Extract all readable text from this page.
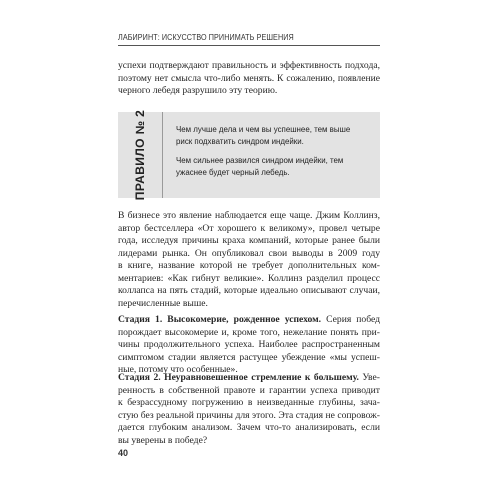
ЛАБИРИНТ: ИСКУССТВО ПРИНИМАТЬ РЕШЕНИЯ
успехи подтверждают правильность и эффективность подхода,
поэтому нет смысла что-либо менять. К сожалению, появление
черного лебедя разрушило эту теорию.
ПРАВИЛО № 2	Чем лучше дела и чем вы успешнее, тем выше
риск подхватить синдром индейки.
Чем сильнее развился синдром индейки, тем
ужаснее будет черный лебедь.
В бизнесе это явление наблюдается еще чаще. Джим Коллинз,
автор бестселлера «От хорошего к великому», провел четыре
года, исследуя причины краха компаний, которые ранее были
лидерами рынка. Он опубликовал свои выводы в 2009 году
в книге, название которой не требует дополнительных ком-
ментариев: «Как гибнут великие». Коллинз разделил процесс
коллапса на пять стадий, которые идеально описывают случаи,
перечисленные выше.
Стадия 1. Высокомерие, рожденное успехом. Серия побед
порождает высокомерие и, кроме того, нежелание понять при-
чины продолжительного успеха. Наиболее распространенным
симптомом стадии является растущее убеждение «мы успеш-
ные, потому что особенные».
Стадия 2. Неуравновешенное стремление к большему. Уве-
ренность в собственной правоте и гарантии успеха приводит
к безрассудному погружению в неизведанные глубины, зача-
стую без реальной причины для этого. Эта стадия не сопровож-
дается глубоким анализом. Зачем что-то анализировать, если
вы уверены в победе?
40
